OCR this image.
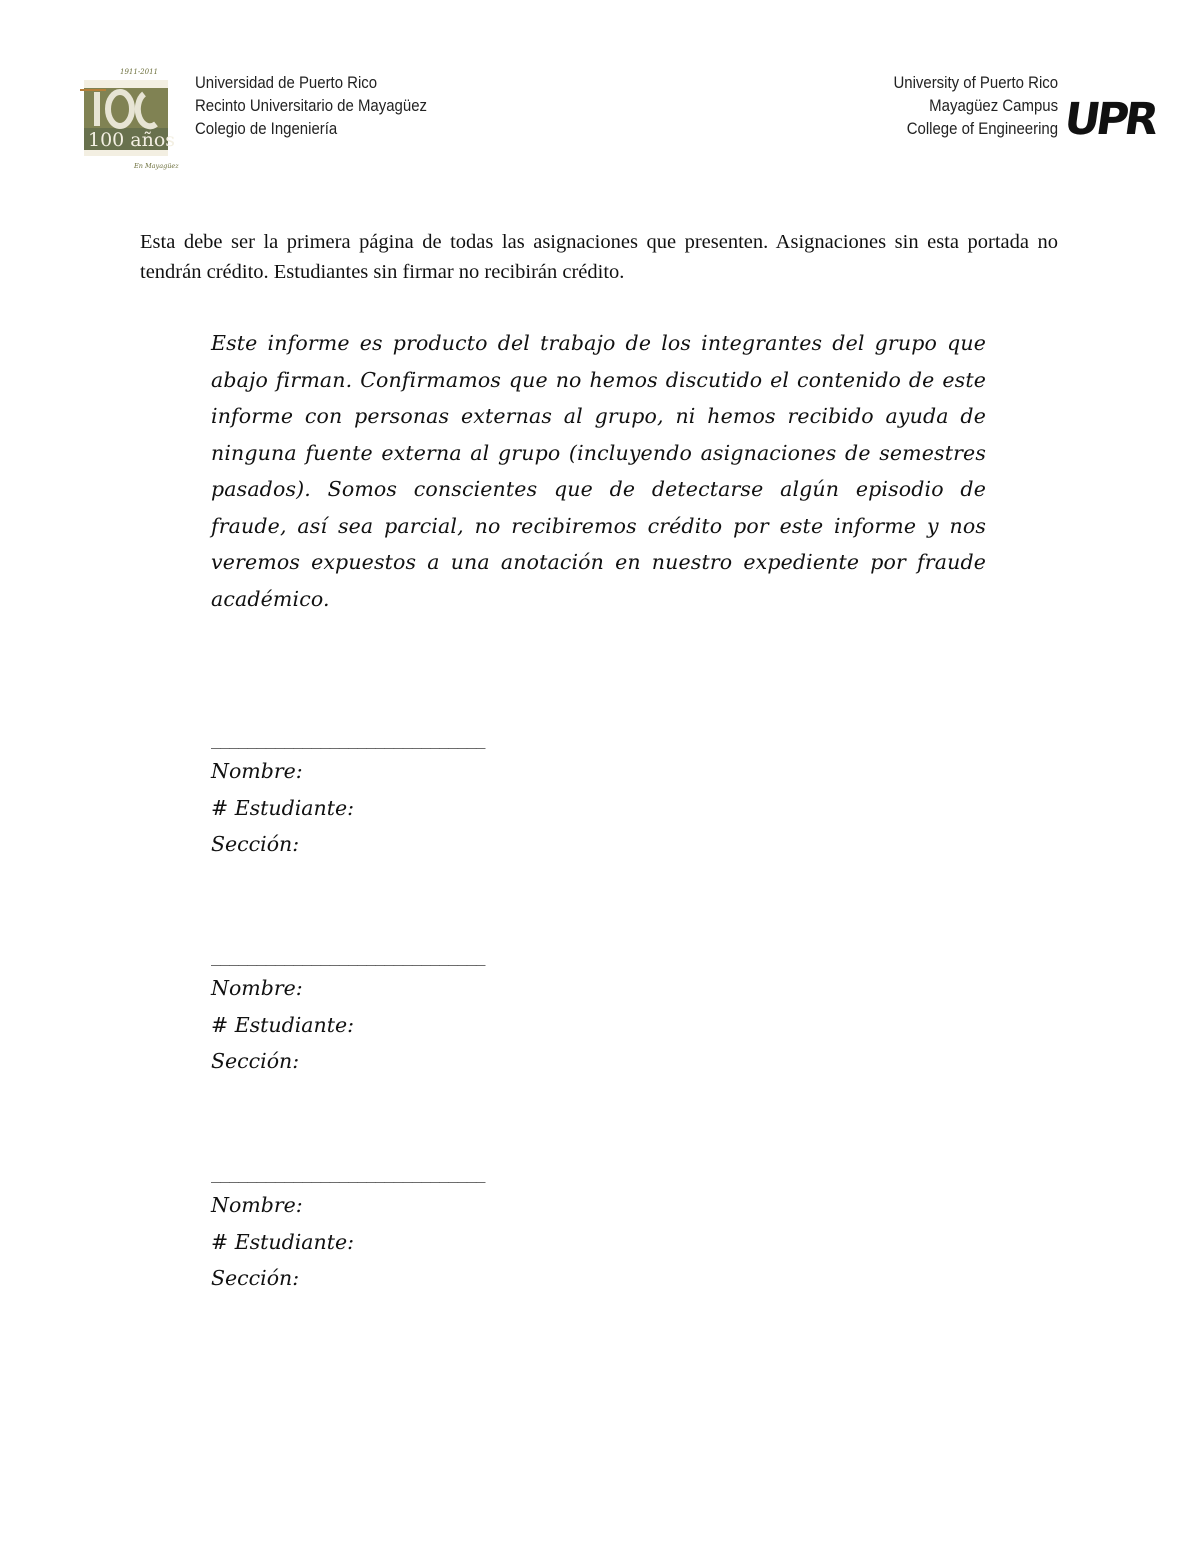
1911-2011
100 años
En Mayagüez
Universidad de Puerto Rico
Recinto Universitario de Mayagüez
Colegio de Ingeniería
University of Puerto Rico
Mayagüez Campus
College of Engineering UPR
Esta debe ser la primera página de todas las asignaciones que presenten. Asignaciones sin esta portada no tendrán crédito. Estudiantes sin firmar no recibirán crédito.
Este informe es producto del trabajo de los integrantes del grupo que abajo firman. Confirmamos que no hemos discutido el contenido de este informe con personas externas al grupo, ni hemos recibido ayuda de ninguna fuente externa al grupo (incluyendo asignaciones de semestres pasados). Somos conscientes que de detectarse algún episodio de fraude, así sea parcial, no recibiremos crédito por este informe y nos veremos expuestos a una anotación en nuestro expediente por fraude académico.
______________________________
Nombre:
# Estudiante:
Sección:
______________________________
Nombre:
# Estudiante:
Sección:
______________________________
Nombre:
# Estudiante:
Sección:
